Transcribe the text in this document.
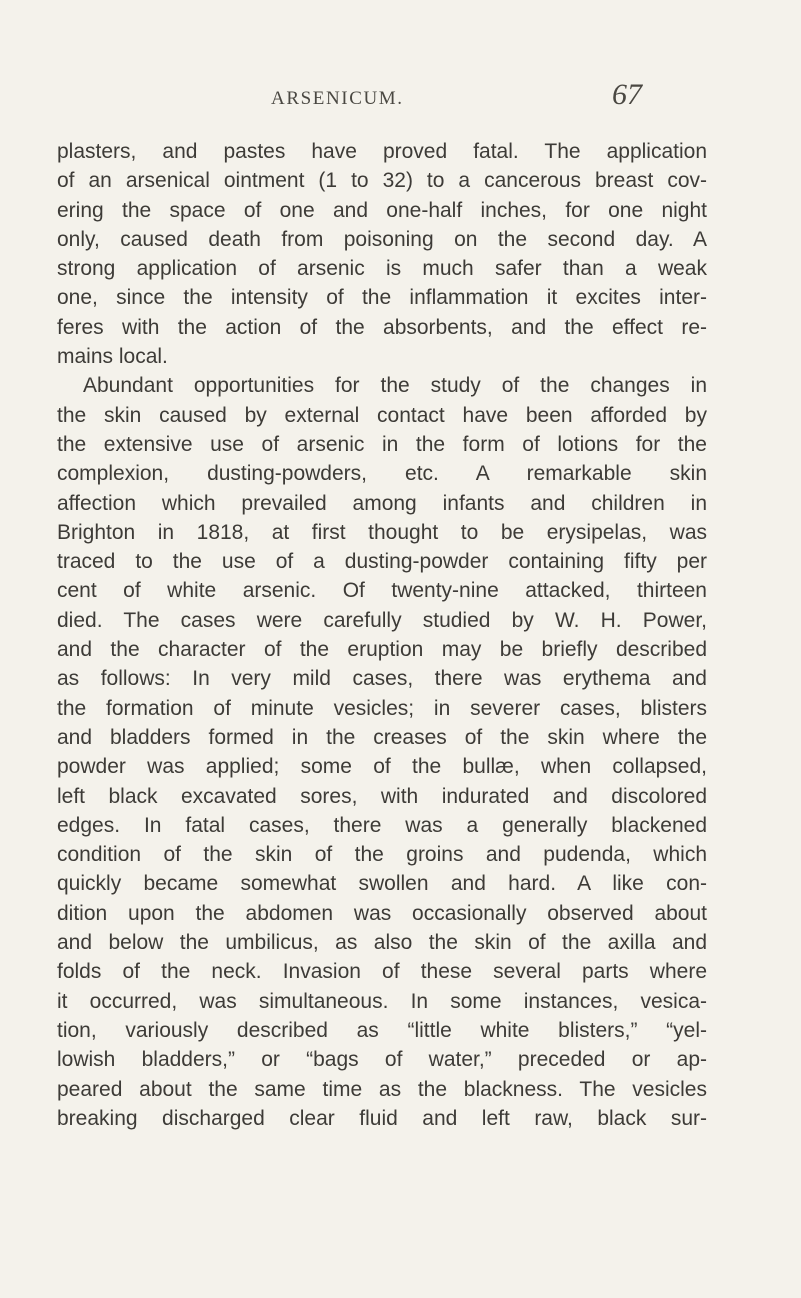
ARSENICUM.	67
plasters, and pastes have proved fatal. The application
of an arsenical ointment (1 to 32) to a cancerous breast cov-
ering the space of one and one-half inches, for one night
only, caused death from poisoning on the second day. A
strong application of arsenic is much safer than a weak
one, since the intensity of the inflammation it excites inter-
feres with the action of the absorbents, and the effect re-
mains local.
Abundant opportunities for the study of the changes in
the skin caused by external contact have been afforded by
the extensive use of arsenic in the form of lotions for the
complexion, dusting-powders, etc. A remarkable skin
affection which prevailed among infants and children in
Brighton in 1818, at first thought to be erysipelas, was
traced to the use of a dusting-powder containing fifty per
cent of white arsenic. Of twenty-nine attacked, thirteen
died. The cases were carefully studied by W. H. Power,
and the character of the eruption may be briefly described
as follows: In very mild cases, there was erythema and
the formation of minute vesicles; in severer cases, blisters
and bladders formed in the creases of the skin where the
powder was applied; some of the bullæ, when collapsed,
left black excavated sores, with indurated and discolored
edges. In fatal cases, there was a generally blackened
condition of the skin of the groins and pudenda, which
quickly became somewhat swollen and hard. A like con-
dition upon the abdomen was occasionally observed about
and below the umbilicus, as also the skin of the axilla and
folds of the neck. Invasion of these several parts where
it occurred, was simultaneous. In some instances, vesica-
tion, variously described as “little white blisters,” “yel-
lowish bladders,” or “bags of water,” preceded or ap-
peared about the same time as the blackness. The vesicles
breaking discharged clear fluid and left raw, black sur-
